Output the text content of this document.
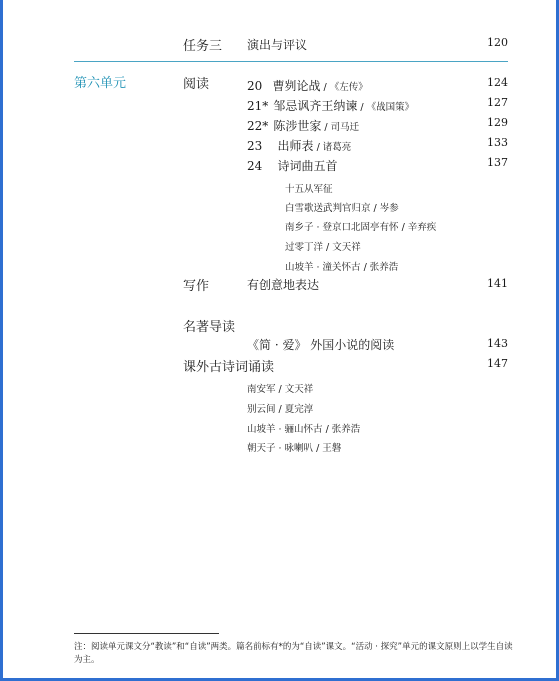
任务三 演出与评议	120
第六单元	阅读	20 曹刿论战 / 《左传》	124
21* 邹忌讽齐王纳谏 / 《战国策》	127
22* 陈涉世家 / 司马迁	129
23 出师表 / 诸葛亮	133
24 诗词曲五首	137
十五从军征
白雪歌送武判官归京 / 岑参
南乡子 · 登京口北固亭有怀 / 辛弃疾
过零丁洋 / 文天祥
山坡羊 · 潼关怀古 / 张养浩
写作	有创意地表达	141
名著导读
《简 · 爱》 外国小说的阅读	143
课外古诗词诵读	147
南安军 / 文天祥
别云间 / 夏完淳
山坡羊 · 骊山怀古 / 张养浩
朝天子 · 咏喇叭 / 王磐
注：阅读单元课文分“教读”和“自读”两类。篇名前标有*的为“自读”课文。“活动 · 探究”单元的课文原则上以学生自读为主。
